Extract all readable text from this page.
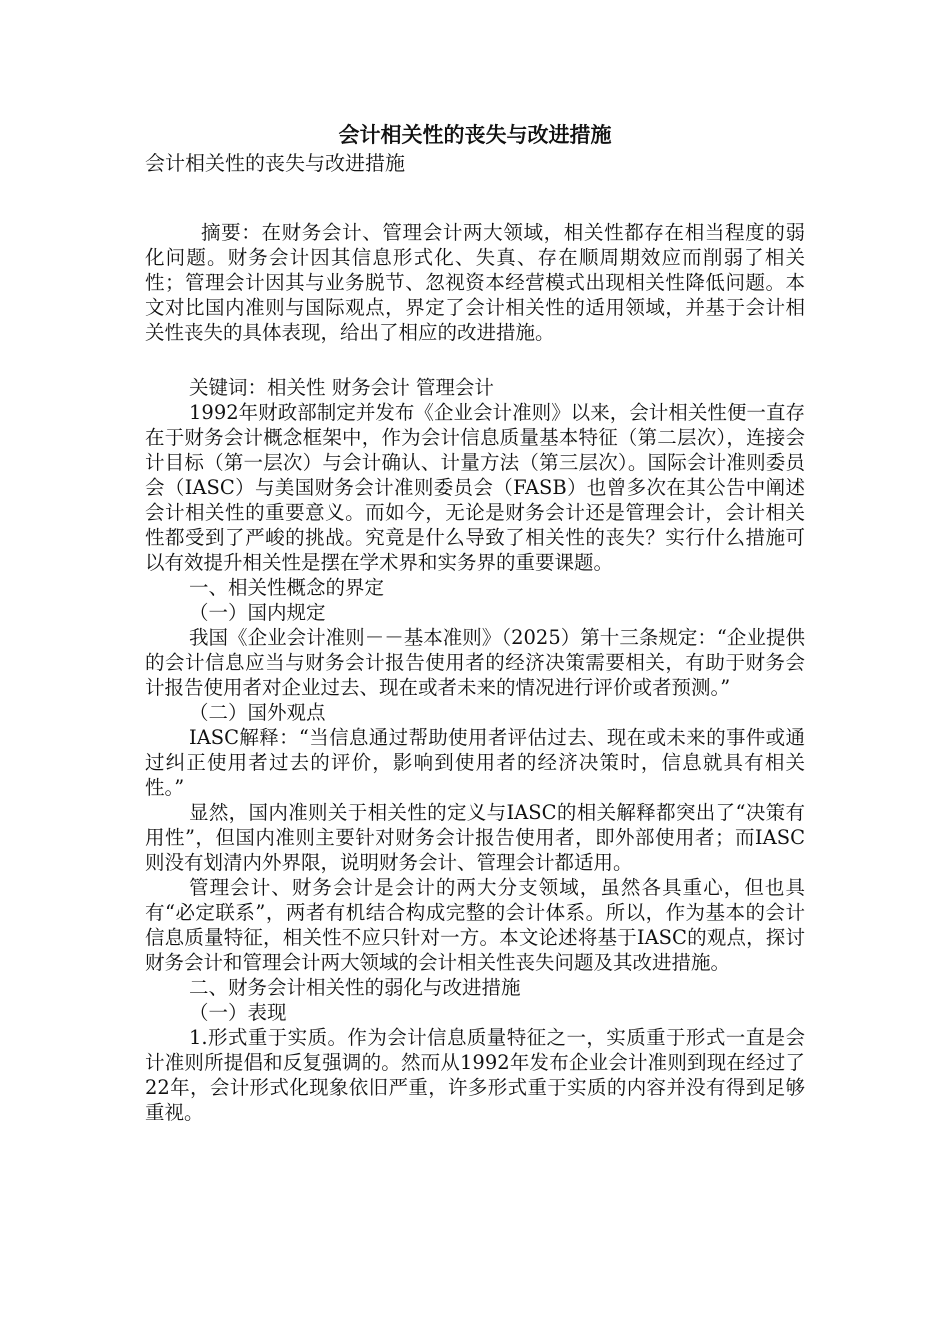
会计相关性的丧失与改进措施

会计相关性的丧失与改进措施

摘要：在财务会计、管理会计两大领域，相关性都存在相当程度的弱化问题。财务会计因其信息形式化、失真、存在顺周期效应而削弱了相关性；管理会计因其与业务脱节、忽视资本经营模式出现相关性降低问题。本文对比国内准则与国际观点，界定了会计相关性的适用领域，并基于会计相关性丧失的具体表现，给出了相应的改进措施。

关键词：相关性 财务会计 管理会计

1992年财政部制定并发布《企业会计准则》以来，会计相关性便一直存在于财务会计概念框架中，作为会计信息质量基本特征（第二层次），连接会计目标（第一层次）与会计确认、计量方法（第三层次）。国际会计准则委员会（IASC）与美国财务会计准则委员会（FASB）也曾多次在其公告中阐述会计相关性的重要意义。而如今，无论是财务会计还是管理会计，会计相关性都受到了严峻的挑战。究竟是什么导致了相关性的丧失？实行什么措施可以有效提升相关性是摆在学术界和实务界的重要课题。

一、相关性概念的界定

（一）国内规定

我国《企业会计准则－－基本准则》（2025）第十三条规定：“企业提供的会计信息应当与财务会计报告使用者的经济决策需要相关，有助于财务会计报告使用者对企业过去、现在或者未来的情况进行评价或者预测。”

（二）国外观点

IASC解释：“当信息通过帮助使用者评估过去、现在或未来的事件或通过纠正使用者过去的评价，影响到使用者的经济决策时，信息就具有相关性。”

显然，国内准则关于相关性的定义与IASC的相关解释都突出了“决策有用性”，但国内准则主要针对财务会计报告使用者，即外部使用者；而IASC则没有划清内外界限，说明财务会计、管理会计都适用。

管理会计、财务会计是会计的两大分支领域，虽然各具重心，但也具有“必定联系”，两者有机结合构成完整的会计体系。所以，作为基本的会计信息质量特征，相关性不应只针对一方。本文论述将基于IASC的观点，探讨财务会计和管理会计两大领域的会计相关性丧失问题及其改进措施。

二、财务会计相关性的弱化与改进措施

（一）表现

1.形式重于实质。作为会计信息质量特征之一，实质重于形式一直是会计准则所提倡和反复强调的。然而从1992年发布企业会计准则到现在经过了22年，会计形式化现象依旧严重，许多形式重于实质的内容并没有得到足够重视。
